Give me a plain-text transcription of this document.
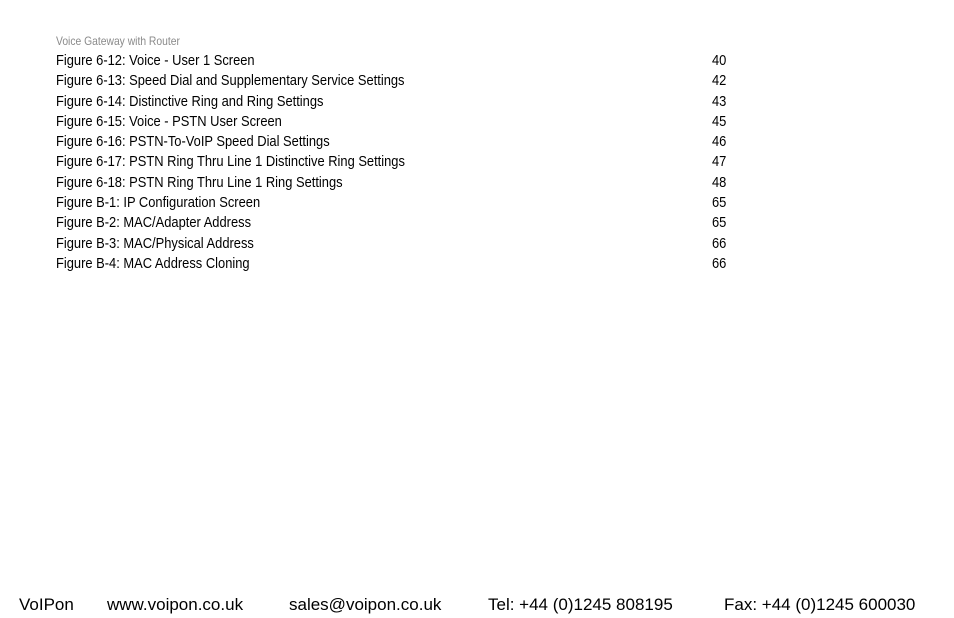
Voice Gateway with Router
Figure 6-12: Voice - User 1 Screen	40
Figure 6-13: Speed Dial and Supplementary Service Settings	42
Figure 6-14: Distinctive Ring and Ring Settings	43
Figure 6-15: Voice - PSTN User Screen	45
Figure 6-16: PSTN-To-VoIP Speed Dial Settings	46
Figure 6-17: PSTN Ring Thru Line 1 Distinctive Ring Settings	47
Figure 6-18: PSTN Ring Thru Line 1 Ring Settings	48
Figure B-1: IP Configuration Screen	65
Figure B-2: MAC/Adapter Address	65
Figure B-3: MAC/Physical Address	66
Figure B-4: MAC Address Cloning	66
VoIPon www.voipon.co.uk	sales@voipon.co.uk	Tel: +44 (0)1245 808195	Fax: +44 (0)1245 600030
